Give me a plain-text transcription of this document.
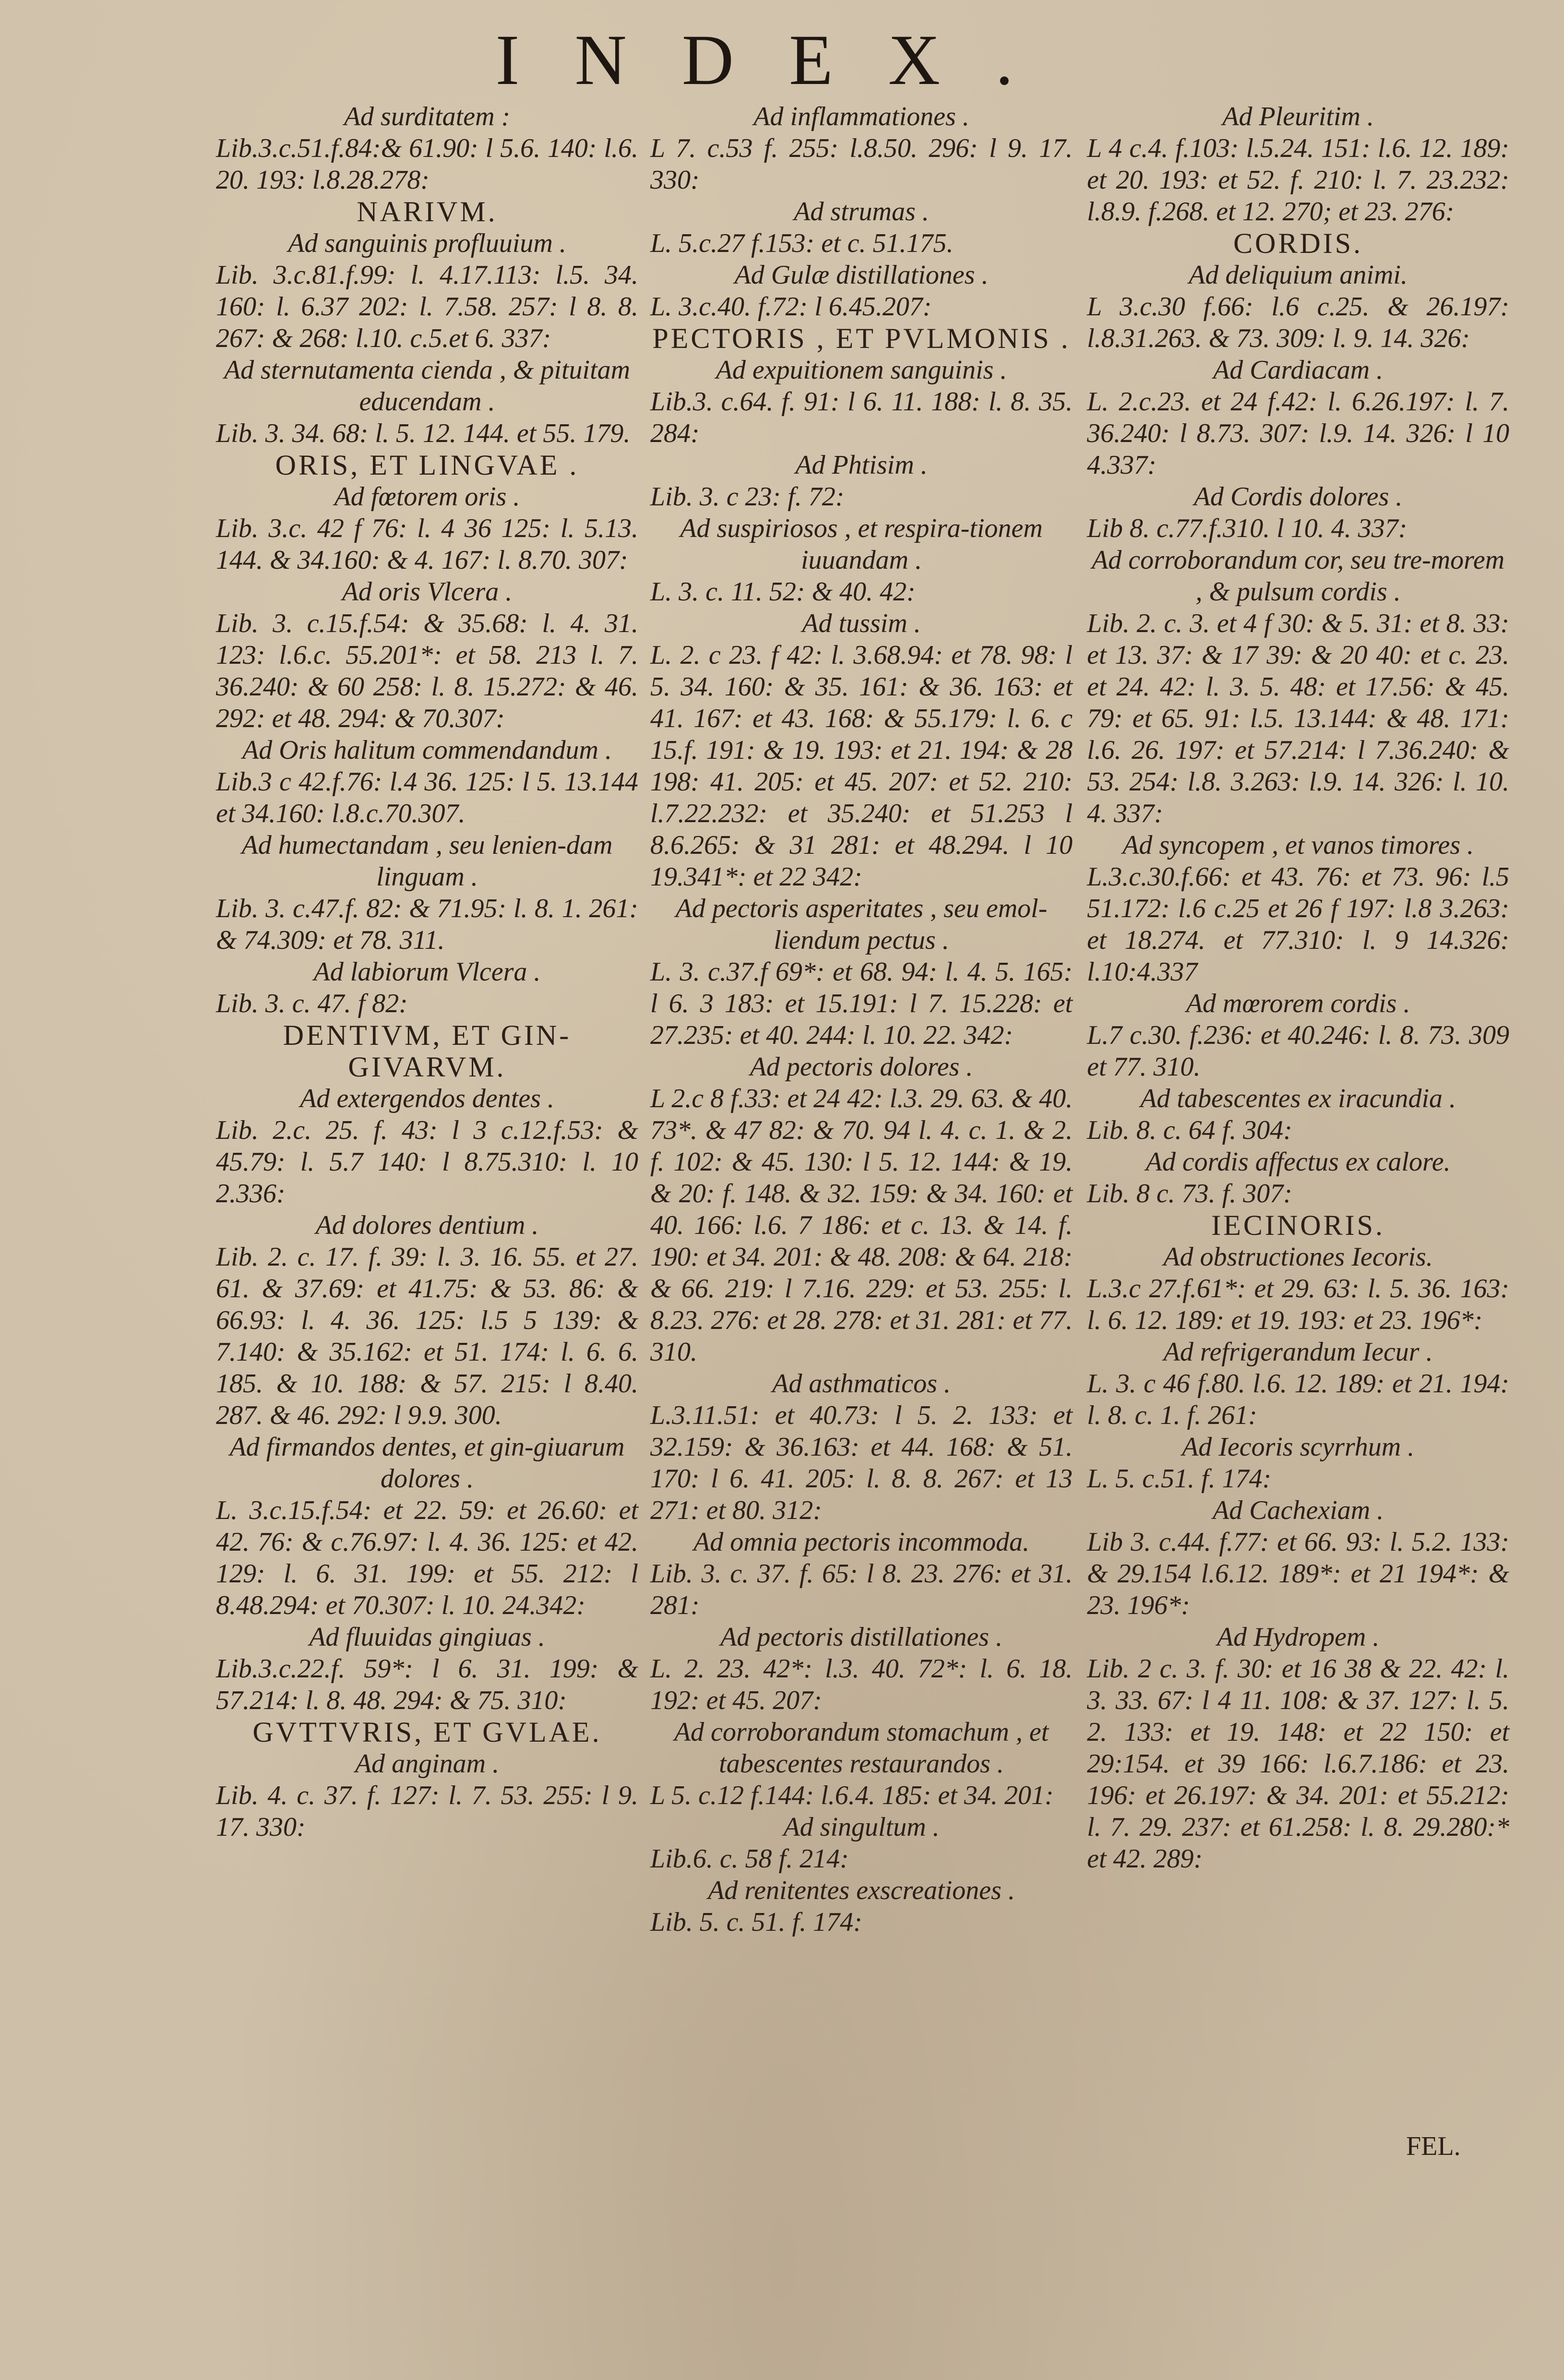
INDEX.
Ad surditatem :
Lib.3.c.51.f.84:& 61.90: l 5.6. 140: l.6. 20. 193: l.8.28.278:
NARIVM.
Ad sanguinis profluuium .
Lib. 3.c.81.f.99: l. 4.17.113: l.5. 34. 160: l. 6.37 202: l. 7.58. 257: l 8. 8. 267: & 268: l.10. c.5.et 6. 337:
Ad sternutamenta cienda , & pituitam educendam .
Lib. 3. 34. 68: l. 5. 12. 144. et 55. 179.
ORIS, ET LINGVAE .
Ad fœtorem oris .
Lib. 3.c. 42 f 76: l. 4 36 125: l. 5.13. 144. & 34.160: & 4. 167: l. 8.70. 307:
Ad oris Vlcera .
Lib. 3. c.15.f.54: & 35.68: l. 4. 31. 123: l.6.c. 55.201*: et 58. 213 l. 7. 36.240: & 60 258: l. 8. 15.272: & 46. 292: et 48. 294: & 70.307:
Ad Oris halitum commendandum .
Lib.3 c 42.f.76: l.4 36. 125: l 5. 13.144 et 34.160: l.8.c.70.307.
Ad humectandam , seu lenien-dam linguam .
Lib. 3. c.47.f. 82: & 71.95: l. 8. 1. 261: & 74.309: et 78. 311.
Ad labiorum Vlcera .
Lib. 3. c. 47. f 82:
DENTIVM, ET GIN-GIVARVM.
Ad extergendos dentes .
Lib. 2.c. 25. f. 43: l 3 c.12.f.53: & 45.79: l. 5.7 140: l 8.75.310: l. 10 2.336:
Ad dolores dentium .
Lib. 2. c. 17. f. 39: l. 3. 16. 55. et 27. 61. & 37.69: et 41.75: & 53. 86: & 66.93: l. 4. 36. 125: l.5 5 139: & 7.140: & 35.162: et 51. 174: l. 6. 6. 185. & 10. 188: & 57. 215: l 8.40. 287. & 46. 292: l 9.9. 300.
Ad firmandos dentes, et gin-giuarum dolores .
L. 3.c.15.f.54: et 22. 59: et 26.60: et 42. 76: & c.76.97: l. 4. 36. 125: et 42. 129: l. 6. 31. 199: et 55. 212: l 8.48.294: et 70.307: l. 10. 24.342:
Ad fluuidas gingiuas .
Lib.3.c.22.f. 59*: l 6. 31. 199: & 57.214: l. 8. 48. 294: & 75. 310:
GVTTVRIS, ET GVLAE.
Ad anginam .
Lib. 4. c. 37. f. 127: l. 7. 53. 255: l 9. 17. 330:
Ad inflammationes .
L 7. c.53 f. 255: l.8.50. 296: l 9. 17. 330:
Ad strumas .
L. 5.c.27 f.153: et c. 51.175.
Ad Gulæ distillationes .
L. 3.c.40. f.72: l 6.45.207:
PECTORIS , ET PVLMONIS .
Ad expuitionem sanguinis .
Lib.3. c.64. f. 91: l 6. 11. 188: l. 8. 35. 284:
Ad Phtisim .
Lib. 3. c 23: f. 72:
Ad suspiriosos , et respira-tionem iuuandam .
L. 3. c. 11. 52: & 40. 42:
Ad tussim .
L. 2. c 23. f 42: l. 3.68.94: et 78. 98: l 5. 34. 160: & 35. 161: & 36. 163: et 41. 167: et 43. 168: & 55.179: l. 6. c 15.f. 191: & 19. 193: et 21. 194: & 28 198: 41. 205: et 45. 207: et 52. 210: l.7.22.232: et 35.240: et 51.253 l 8.6.265: & 31 281: et 48.294. l 10 19.341*: et 22 342:
Ad pectoris asperitates , seu emol-liendum pectus .
L. 3. c.37.f 69*: et 68. 94: l. 4. 5. 165: l 6. 3 183: et 15.191: l 7. 15.228: et 27.235: et 40. 244: l. 10. 22. 342:
Ad pectoris dolores .
L 2.c 8 f.33: et 24 42: l.3. 29. 63. & 40. 73*. & 47 82: & 70. 94 l. 4. c. 1. & 2. f. 102: & 45. 130: l 5. 12. 144: & 19. & 20: f. 148. & 32. 159: & 34. 160: et 40. 166: l.6. 7 186: et c. 13. & 14. f. 190: et 34. 201: & 48. 208: & 64. 218: & 66. 219: l 7.16. 229: et 53. 255: l. 8.23. 276: et 28. 278: et 31. 281: et 77. 310.
Ad asthmaticos .
L.3.11.51: et 40.73: l 5. 2. 133: et 32.159: & 36.163: et 44. 168: & 51. 170: l 6. 41. 205: l. 8. 8. 267: et 13 271: et 80. 312:
Ad omnia pectoris incommoda.
Lib. 3. c. 37. f. 65: l 8. 23. 276: et 31. 281:
Ad pectoris distillationes .
L. 2. 23. 42*: l.3. 40. 72*: l. 6. 18. 192: et 45. 207:
Ad corroborandum stomachum , et tabescentes restaurandos .
L 5. c.12 f.144: l.6.4. 185: et 34. 201:
Ad singultum .
Lib.6. c. 58 f. 214:
Ad renitentes exscreationes .
Lib. 5. c. 51. f. 174:
Ad Pleuritim .
L 4 c.4. f.103: l.5.24. 151: l.6. 12. 189: et 20. 193: et 52. f. 210: l. 7. 23.232: l.8.9. f.268. et 12. 270; et 23. 276:
CORDIS.
Ad deliquium animi.
L 3.c.30 f.66: l.6 c.25. & 26.197: l.8.31.263. & 73. 309: l. 9. 14. 326:
Ad Cardiacam .
L. 2.c.23. et 24 f.42: l. 6.26.197: l. 7. 36.240: l 8.73. 307: l.9. 14. 326: l 10 4.337:
Ad Cordis dolores .
Lib 8. c.77.f.310. l 10. 4. 337:
Ad corroborandum cor, seu tre-morem , & pulsum cordis .
Lib. 2. c. 3. et 4 f 30: & 5. 31: et 8. 33: et 13. 37: & 17 39: & 20 40: et c. 23. et 24. 42: l. 3. 5. 48: et 17.56: & 45. 79: et 65. 91: l.5. 13.144: & 48. 171: l.6. 26. 197: et 57.214: l 7.36.240: & 53. 254: l.8. 3.263: l.9. 14. 326: l. 10. 4. 337:
Ad syncopem , et vanos timores .
L.3.c.30.f.66: et 43. 76: et 73. 96: l.5 51.172: l.6 c.25 et 26 f 197: l.8 3.263: et 18.274. et 77.310: l. 9 14.326: l.10:4.337
Ad mœrorem cordis .
L.7 c.30. f.236: et 40.246: l. 8. 73. 309 et 77. 310.
Ad tabescentes ex iracundia .
Lib. 8. c. 64 f. 304:
Ad cordis affectus ex calore.
Lib. 8 c. 73. f. 307:
IECINORIS.
Ad obstructiones Iecoris.
L.3.c 27.f.61*: et 29. 63: l. 5. 36. 163: l. 6. 12. 189: et 19. 193: et 23. 196*:
Ad refrigerandum Iecur .
L. 3. c 46 f.80. l.6. 12. 189: et 21. 194: l. 8. c. 1. f. 261:
Ad Iecoris scyrrhum .
L. 5. c.51. f. 174:
Ad Cachexiam .
Lib 3. c.44. f.77: et 66. 93: l. 5.2. 133: & 29.154 l.6.12. 189*: et 21 194*: & 23. 196*:
Ad Hydropem .
Lib. 2 c. 3. f. 30: et 16 38 & 22. 42: l. 3. 33. 67: l 4 11. 108: & 37. 127: l. 5. 2. 133: et 19. 148: et 22 150: et 29:154. et 39 166: l.6.7.186: et 23. 196: et 26.197: & 34. 201: et 55.212: l. 7. 29. 237: et 61.258: l. 8. 29.280:* et 42. 289:
FEL.
